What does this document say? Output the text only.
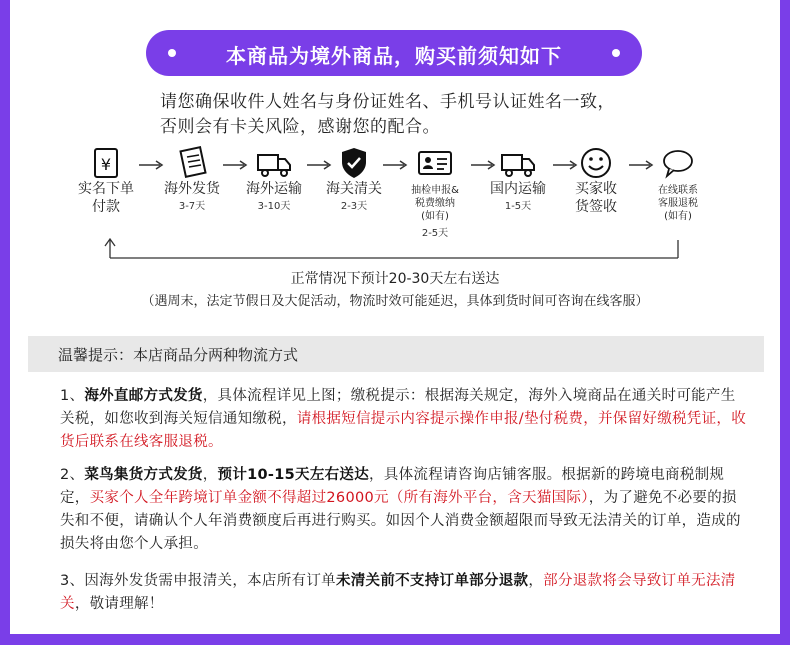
本商品为境外商品，购买前须知如下
请您确保收件人姓名与身份证姓名、手机号认证姓名一致，
否则会有卡关风险，感谢您的配合。
¥
实名下单
付款
海外发货
3-7天
海外运输
3-10天
海关清关
2-3天
抽检申报&
税费缴纳
(如有)
2-5天
国内运输
1-5天
买家收
货签收
在线联系
客服退税
(如有)
正常情况下预计20-30天左右送达
（遇周末，法定节假日及大促活动，物流时效可能延迟，具体到货时间可咨询在线客服）
温馨提示：本店商品分两种物流方式
1、海外直邮方式发货，具体流程详见上图；缴税提示：根据海关规定，海外入境商品在通关时可能产生关税，如您收到海关短信通知缴税，请根据短信提示内容提示操作申报/垫付税费，并保留好缴税凭证，收货后联系在线客服退税。
2、菜鸟集货方式发货，预计10-15天左右送达，具体流程请咨询店铺客服。根据新的跨境电商税制规定，买家个人全年跨境订单金额不得超过26000元（所有海外平台，含天猫国际），为了避免不必要的损失和不便，请确认个人年消费额度后再进行购买。如因个人消费金额超限而导致无法清关的订单，造成的损失将由您个人承担。
3、因海外发货需申报清关，本店所有订单未清关前不支持订单部分退款，部分退款将会导致订单无法清关，敬请理解！
